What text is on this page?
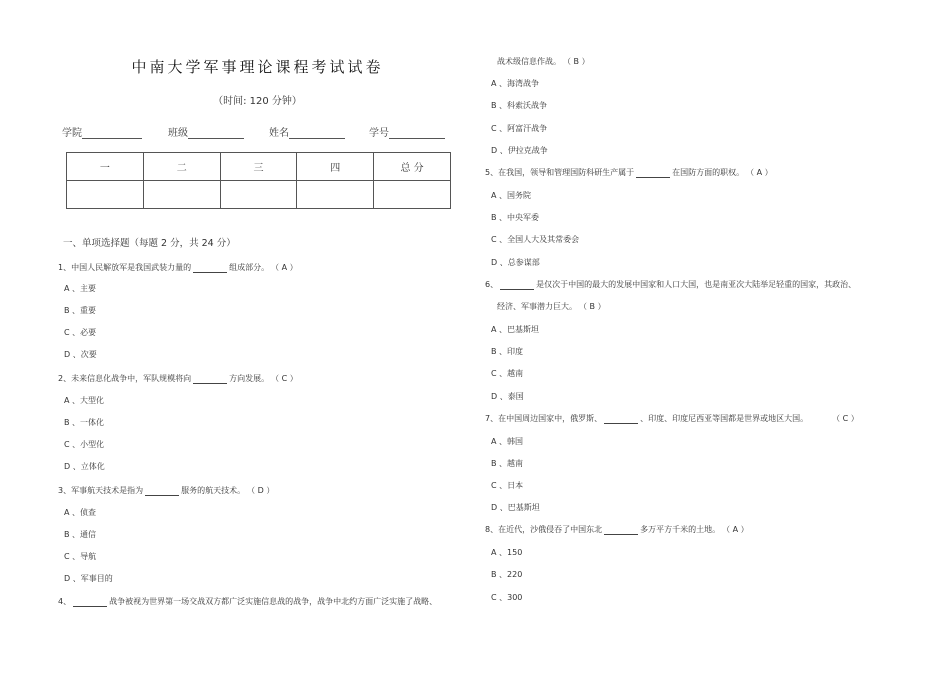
中南大学军事理论课程考试试卷
（时间: 120 分钟）
学院	班级	姓名	学号
一	二	三	四	总 分

一、单项选择题（每题 2 分，共 24 分）
1、中国人民解放军是我国武装力量的	组成部分。 （ A ）
A 、主要
B 、重要
C 、必要
D 、次要
2、未来信息化战争中，军队规模将向	方向发展。 （ C ）
A 、大型化
B 、一体化
C 、小型化
D 、立体化
3、军事航天技术是指为	服务的航天技术。 （ D ）
A 、侦查
B 、通信
C 、导航
D 、军事目的
4、	战争被视为世界第一场交战双方都广泛实施信息战的战争，战争中北约方面广泛实施了战略、
战术级信息作战。 （ B ）
A 、海湾战争
B 、科索沃战争
C 、阿富汗战争
D 、伊拉克战争
5、在我国，领导和管理国防科研生产属于	在国防方面的职权。 （ A ）
A 、国务院
B 、中央军委
C 、全国人大及其常委会
D 、总参谋部
6、	是仅次于中国的最大的发展中国家和人口大国，也是南亚次大陆举足轻重的国家，其政治、
经济、军事潜力巨大。 （ B ）
A 、巴基斯坦
B 、印度
C 、越南
D 、泰国
7、在中国周边国家中，俄罗斯、	、印度、印度尼西亚等国都是世界或地区大国。	（ C ）
A 、韩国
B 、越南
C 、日本
D 、巴基斯坦
8、在近代，沙俄侵吞了中国东北	多万平方千米的土地。 （ A ）
A 、150
B 、220
C 、300
